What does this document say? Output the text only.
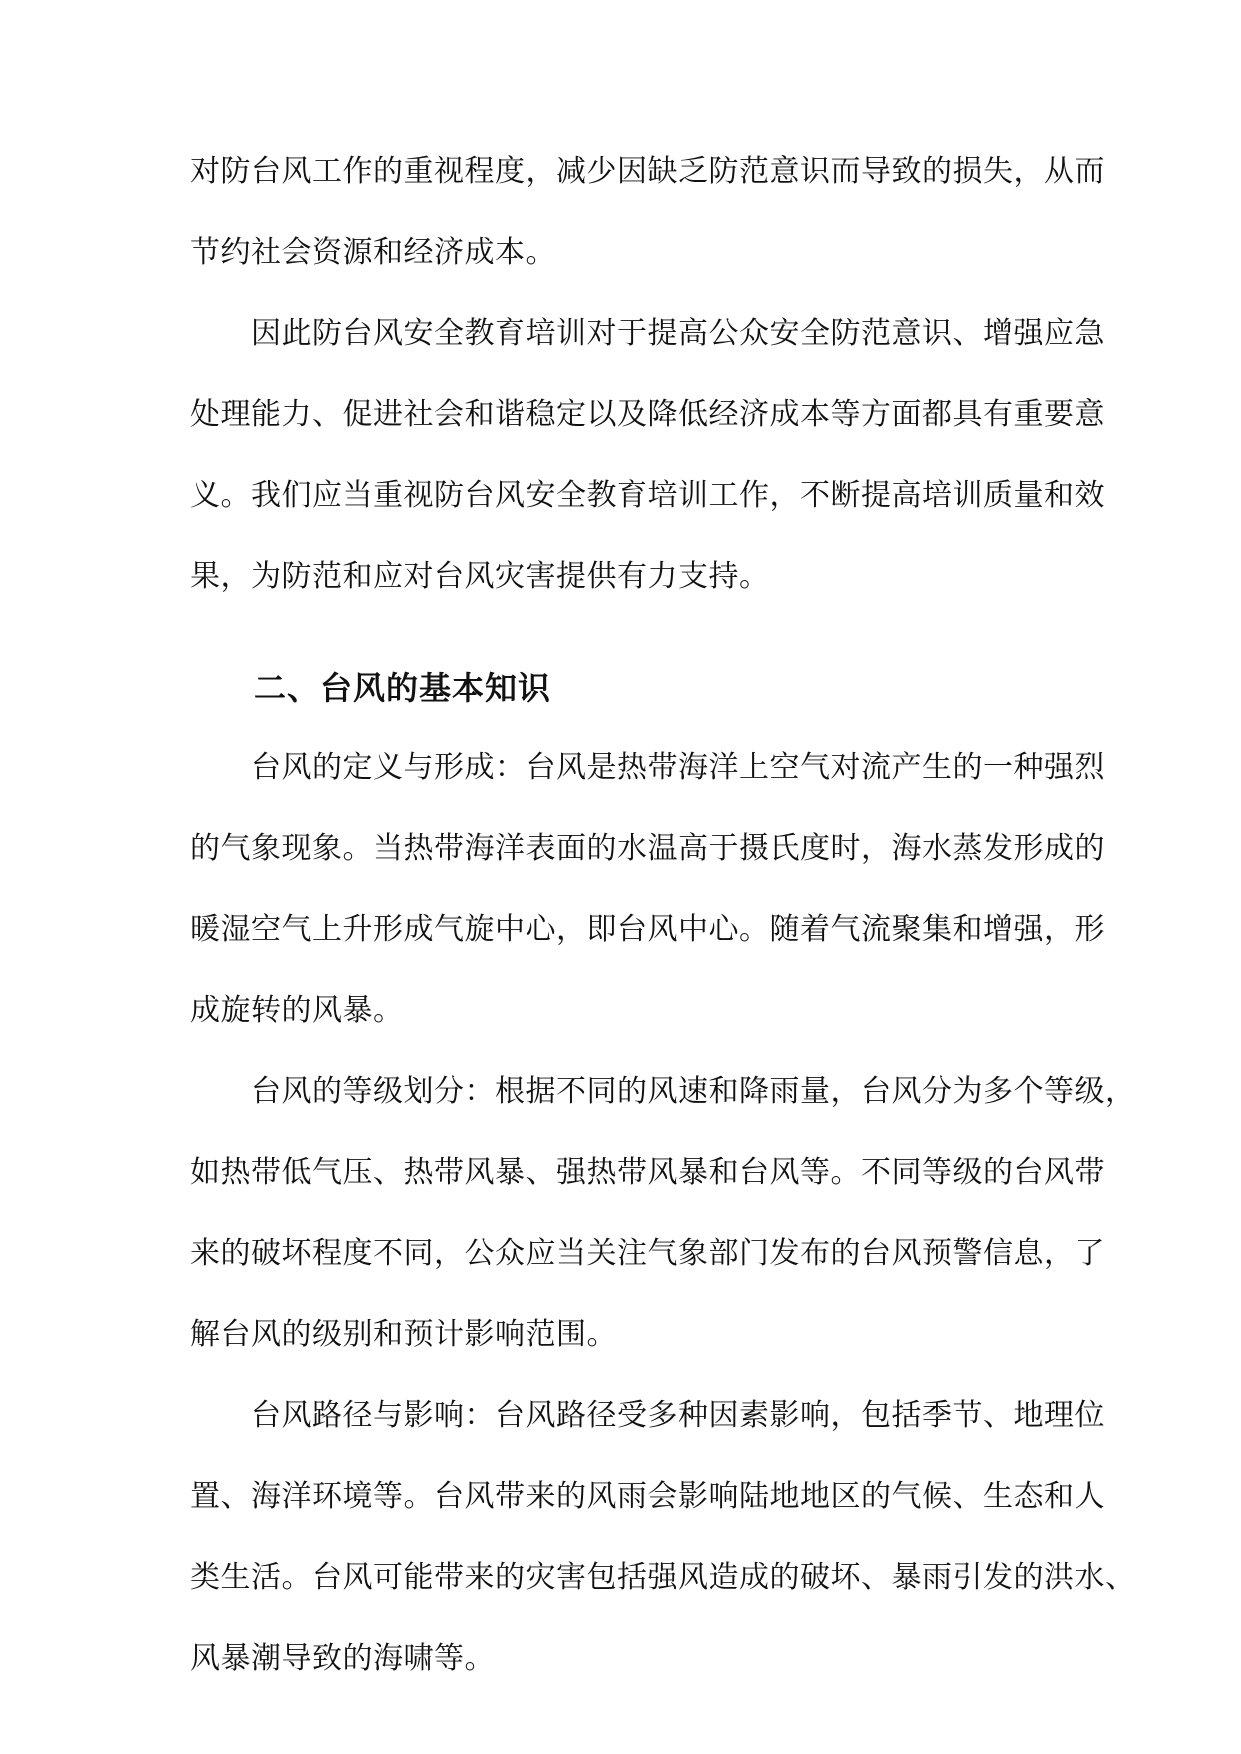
对防台风工作的重视程度，减少因缺乏防范意识而导致的损失，从而
节约社会资源和经济成本。
　　因此防台风安全教育培训对于提高公众安全防范意识、增强应急
处理能力、促进社会和谐稳定以及降低经济成本等方面都具有重要意
义。我们应当重视防台风安全教育培训工作，不断提高培训质量和效
果，为防范和应对台风灾害提供有力支持。
二、台风的基本知识
　　台风的定义与形成：台风是热带海洋上空气对流产生的一种强烈
的气象现象。当热带海洋表面的水温高于摄氏度时，海水蒸发形成的
暖湿空气上升形成气旋中心，即台风中心。随着气流聚集和增强，形
成旋转的风暴。
　　台风的等级划分：根据不同的风速和降雨量，台风分为多个等级，
如热带低气压、热带风暴、强热带风暴和台风等。不同等级的台风带
来的破坏程度不同，公众应当关注气象部门发布的台风预警信息，了
解台风的级别和预计影响范围。
　　台风路径与影响：台风路径受多种因素影响，包括季节、地理位
置、海洋环境等。台风带来的风雨会影响陆地地区的气候、生态和人
类生活。台风可能带来的灾害包括强风造成的破坏、暴雨引发的洪水、
风暴潮导致的海啸等。
